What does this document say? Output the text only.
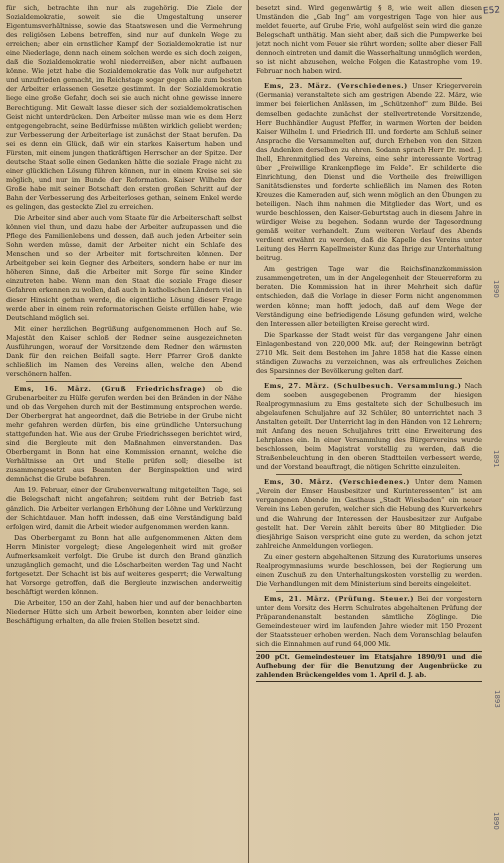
E52

für sich, betrachte ihn nur als zugehörig. Die Ziele der Sozialdemokratie, soweit sie die Umgestaltung unserer Eigentumsverhältnisse, sowie das Staatswesen und die Vermehrung des religiösen Lebens betreffen, sind nur auf dunkeln Wege zu erreichen; aber ein ernstlicher Kampf der Sozialdemokratie ist nur eine Niederlage, denn nach einem solchen werde es sich doch zeigen, daß die Sozialdemokratie wohl niederreißen, aber nicht aufbauen könne. Wie jetzt habe die Sozialdemokratie das Volk nur aufgehetzt und unzufrieden gemacht, im Reichstage sogar gegen alle zum besten der Arbeiter erlassenen Gesetze gestimmt. In der Sozialdemokratie liege eine große Gefahr, doch sei sie auch nicht ohne gewisse innere Berechtigung. Mit Gewalt lasse dieser sich der sozialdemokratischen Geist nicht unterdrücken. Den Arbeiter müsse man wie es dem Herz entgegengebracht, seine Bedürfnisse müßten wirklich geliebt werden; zur Verbesserung der Arbeiterlage ist zunächst der Staat berufen. Da sei es denn ein Glück, daß wir ein starkes Kaisertum haben und Fürsten, mit einem jungen thatkräftigen Herrscher an der Spitze. Der deutsche Staat solle einen Gedanken hätte die soziale Frage nicht zu einer glücklichen Lösung führen können, nur in einem Kreise sei sie möglich, und nur im Bunde der Reformation. Kaiser Wilhelm der Große habe mit seiner Botschaft den ersten großen Schritt auf der Bahn der Verbesserung des Arbeiterloses gethan, seinem Enkel werde es gelingen, das gesteckte Ziel zu erreichen.

Die Arbeiter sind aber auch vom Staate für die Arbeiterschaft selbst können viel thun, und dazu habe der Arbeiter aufzupassen und die Pflege des Familienlebens und dessen, daß auch jeden Arbeiter sein Sohn werden müsse, damit der Arbeiter nicht ein Schlafe des Menschen und so der Arbeiter mit fortschreiten können. Der Arbeitgeber sei kein Gegner des Arbeiters, sondern habe er nur im höheren Sinne, daß die Arbeiter mit Sorge für seine Kinder einzutreten habe. Wenn man den Staat die soziale Frage dieser Gefahren erkennen zu wollen, daß auch in katholischen Ländern viel in dieser Hinsicht gethan werde, die eigentliche Lösung dieser Frage werde aber in einem rein reformatorischen Geiste erfüllen habe, wie Deutschland möglich sei.

Mit einer herzlichen Begrüßung aufgenommenen Hoch auf Se. Majestät den Kaiser schloß der Redner seine ausgezeichneten Ausführungen, worauf der Vorsitzende dem Redner den wärmsten Dank für den reichen Beifall sagte. Herr Pfarrer Groß dankte schließlich im Namen des Vereins allen, welche den Abend verschönern halfen.

Ems, 16. März. (Gruß Friedrichsfrage) ob die Grubenarbeiter zu Hülfe gerufen werden bei den Bränden in der Nähe und ob das Vergehen durch mit der Bestimmung entsprochen werde. Der Oberbergrat hat angeordnet, daß die Betriebe in der Grube nicht mehr gefahren werden dürfen, bis eine gründliche Untersuchung stattgefunden hat. Wie aus der Grube Friedrichssegen berichtet wird, sind die Bergleute mit den Maßnahmen einverstanden. Das Oberbergamt in Bonn hat eine Kommission ernannt, welche die Verhältnisse an Ort und Stelle prüfen soll; dieselbe ist zusammengesetzt aus Beamten der Berginspektion und wird demnächst die Grube befahren.

Am 19. Februar, einer der Grubenverwaltung mitgeteilten Tage, sei die Belegschaft nicht angefahren; seitdem ruht der Betrieb fast gänzlich. Die Arbeiter verlangen Erhöhung der Löhne und Verkürzung der Schichtdauer. Man hofft indessen, daß eine Verständigung bald erfolgen wird, damit die Arbeit wieder aufgenommen werden kann.

Das Oberbergamt zu Bonn hat alle aufgenommenen Akten dem Herrn Minister vorgelegt; diese Angelegenheit wird mit großer Aufmerksamkeit verfolgt. Die Grube ist durch den Brand gänzlich unzugänglich gemacht, und die Löscharbeiten werden Tag und Nacht fortgesetzt. Der Schacht ist bis auf weiteres gesperrt; die Verwaltung hat Vorsorge getroffen, daß die Bergleute inzwischen anderweitig beschäftigt werden können.

Die Arbeiter, 150 an der Zahl, haben hier und auf der benachbarten Niederner Hütte sich um Arbeit beworben, konnten aber leider eine Beschäftigung erhalten, da alle freien Stellen besetzt sind.

besetzt sind. Wird gegenwärtig § 8, wie weit allen diesen Umständen die „Gab Ing“ am vorgestrigen Tage von hier aus meldet feuerte, auf Grube Frie, wohl aufgelöst sein wird die ganze Belegschaft unthätig. Man sieht aber, daß sich die Pumpwerke bei jetzt noch nicht vom Feuer sie rührt worden; sollte aber dieser Fall dennoch eintreten und damit die Wasserhaltung unmöglich werden, so ist nicht abzusehen, welche Folgen die Katastrophe vom 19. Februar noch haben wird.

Ems, 23. März. (Verschiedenes.) Unser Kriegerverein (Germania) veranstaltete sich am gestrigen Abende 22. März, wie immer bei feierlichen Anlässen, im „Schützenhof“ zum Bilde. Bei demselben gedachte zunächst der stellvertretende Vorsitzende, Herr Buchhändler August Pfeffer, in warmen Worten der beiden Kaiser Wilhelm I. und Friedrich III. und forderte am Schluß seiner Ansprache die Versammelten auf, durch Erheben von den Sitzen das Andenken derselben zu ehren. Sodann sprach Herr Dr. med. J. Ihell, Ehrenmitglied des Vereins, eine sehr interessante Vortrag über „Freiwillige Krankenpflege im Felde“. Er schilderte die Einrichtung, den Dienst und die Vortheile des freiwilligen Sanitätsdienstes und forderte schließlich im Namen des Roten Kreuzes die Kameraden auf, sich wenn möglich an den Übungen zu beteiligen. Nach ihm nahmen die Mitglieder das Wort, und es wurde beschlossen, den Kaiser-Geburtstag auch in diesem Jahre in würdiger Weise zu begehen. Sodann wurde der Tagesordnung gemäß weiter verhandelt. Zum weiteren Verlauf des Abends verdient erwähnt zu werden, daß die Kapelle des Vereins unter Leitung des Herrn Kapellmeister Kunz das Ihrige zur Unterhaltung beitrug.

Am gestrigen Tage war die Reichsfinanzkommission zusammengetreten, um in der Angelegenheit der Steuerreform zu beraten. Die Kommission hat in ihrer Mehrheit sich dafür entschieden, daß die Vorlage in dieser Form nicht angenommen werden könne; man hofft jedoch, daß auf dem Wege der Verständigung eine befriedigende Lösung gefunden wird, welche den Interessen aller beteiligten Kreise gerecht wird.

Die Sparkasse der Stadt weist für das vergangene Jahr einen Einlagenbestand von 220,000 Mk. auf; der Reingewinn beträgt 2710 Mk. Seit dem Bestehen im Jahre 1858 hat die Kasse einen ständigen Zuwachs zu verzeichnen, was als erfreuliches Zeichen des Sparsinnes der Bevölkerung gelten darf.

Ems, 27. März. (Schulbesuch. Versammlung.) Nach dem soeben ausgegebenen Programm der hiesigen Realprogymnasium zu Ems gestaltete sich der Schulbesuch im abgelaufenen Schuljahre auf 32 Schüler, 80 unterrichtet nach 3 Anstalten geteilt. Der Unterricht lag in den Händen von 12 Lehrern; mit Anfang des neuen Schuljahres tritt eine Erweiterung des Lehrplanes ein. In einer Versammlung des Bürgervereins wurde beschlossen, beim Magistrat vorstellig zu werden, daß die Straßenbeleuchtung in den oberen Stadtteilen verbessert werde, und der Vorstand beauftragt, die nötigen Schritte einzuleiten.

Ems, 30. März. (Verschiedenes.) Unter dem Namen „Verein der Emser Hausbesitzer und Kurinteressenten“ ist am vergangenen Abende im Gasthaus „Stadt Wiesbaden“ ein neuer Verein ins Leben gerufen, welcher sich die Hebung des Kurverkehrs und die Wahrung der Interessen der Hausbesitzer zur Aufgabe gestellt hat. Der Verein zählt bereits über 80 Mitglieder. Die diesjährige Saison verspricht eine gute zu werden, da schon jetzt zahlreiche Anmeldungen vorliegen.

Zu einer gestern abgehaltenen Sitzung des Kuratoriums unseres Realprogymnasiums wurde beschlossen, bei der Regierung um einen Zuschuß zu den Unterhaltungskosten vorstellig zu werden. Die Verhandlungen mit dem Ministerium sind bereits eingeleitet.

Ems, 21. März. (Prüfung. Steuer.) Bei der vorgestern unter dem Vorsitz des Herrn Schulrates abgehaltenen Prüfung der Präparandenanstalt bestanden sämtliche Zöglinge. Die Gemeindesteuer wird im laufenden Jahre wieder mit 150 Prozent der Staatssteuer erhoben werden. Nach dem Voranschlag belaufen sich die Einnahmen auf rund 64,000 Mk.

200 pCt. Gemeindesteuer im Etatsjahre 1890/91 und die Aufhebung der für die Benutzung der Augenbrücke zu zahlenden Brückengeldes vom 1. April d. J. ab.

1890
1891
1893
1890
